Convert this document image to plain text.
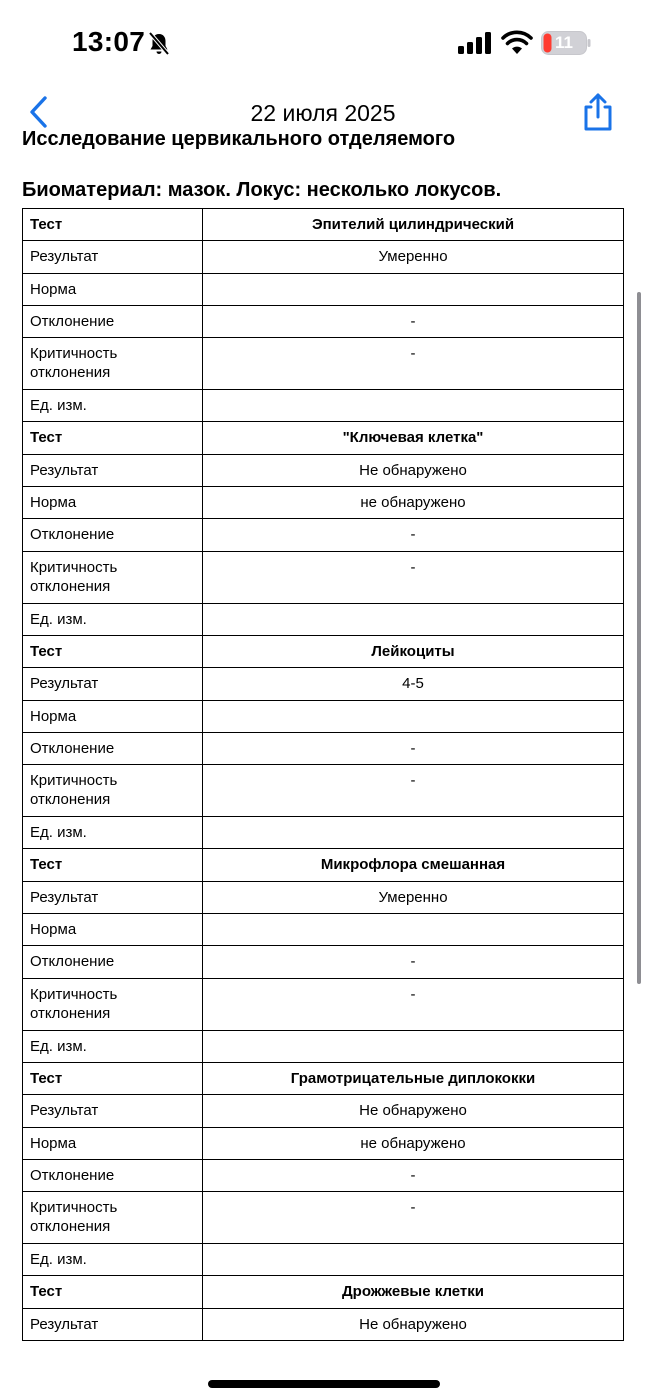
13:07	11
22 июля 2025
Исследование цервикального отделяемого
Биоматериал: мазок. Локус: несколько локусов.
Тест	Эпителий цилиндрический
Результат	Умеренно
Норма	
Отклонение	-
Критичность отклонения	-
Ед. изм.	
Тест	"Ключевая клетка"
Результат	Не обнаружено
Норма	не обнаружено
Отклонение	-
Критичность отклонения	-
Ед. изм.	
Тест	Лейкоциты
Результат	4-5
Норма	
Отклонение	-
Критичность отклонения	-
Ед. изм.	
Тест	Микрофлора смешанная
Результат	Умеренно
Норма	
Отклонение	-
Критичность отклонения	-
Ед. изм.	
Тест	Грамотрицательные диплококки
Результат	Не обнаружено
Норма	не обнаружено
Отклонение	-
Критичность отклонения	-
Ед. изм.	
Тест	Дрожжевые клетки
Результат	Не обнаружено
